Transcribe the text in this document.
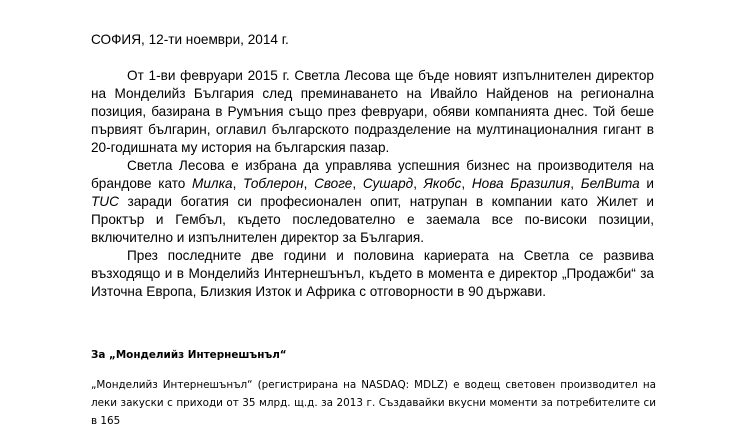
СОФИЯ, 12-ти ноември, 2014 г.

От 1-ви февруари 2015 г. Светла Лесова ще бъде новият изпълнителен директор на Монделийз България след преминаването на Ивайло Найденов на регионална позиция, базирана в Румъния също през февруари, обяви компанията днес. Той беше първият българин, оглавил българското подразделение на мултинационалния гигант в 20-годишната му история на българския пазар.

Светла Лесова е избрана да управлява успешния бизнес на производителя на брандове като Милка, Тоблерон, Своге, Сушард, Якобс, Нова Бразилия, БелВита и TUC заради богатия си професионален опит, натрупан в компании като Жилет и Прoктър и Гембъл, където последователно е заемала все по-високи позиции, включително и изпълнителен директор за България.

През последните две години и половина кариерата на Светла се развива възходящо и в Монделийз Интернешънъл, където в момента е директор „Продажби“ за Източна Европа, Близкия Изток и Африка с отговорности в 90 държави.

За „Монделийз Интернешънъл“

„Монделийз Интернешънъл“ (регистрирана на NASDAQ: MDLZ) е водещ световен производител на леки закуски с приходи от 35 млрд. щ.д. за 2013 г. Създавайки вкусни моменти за потребителите си в 165
